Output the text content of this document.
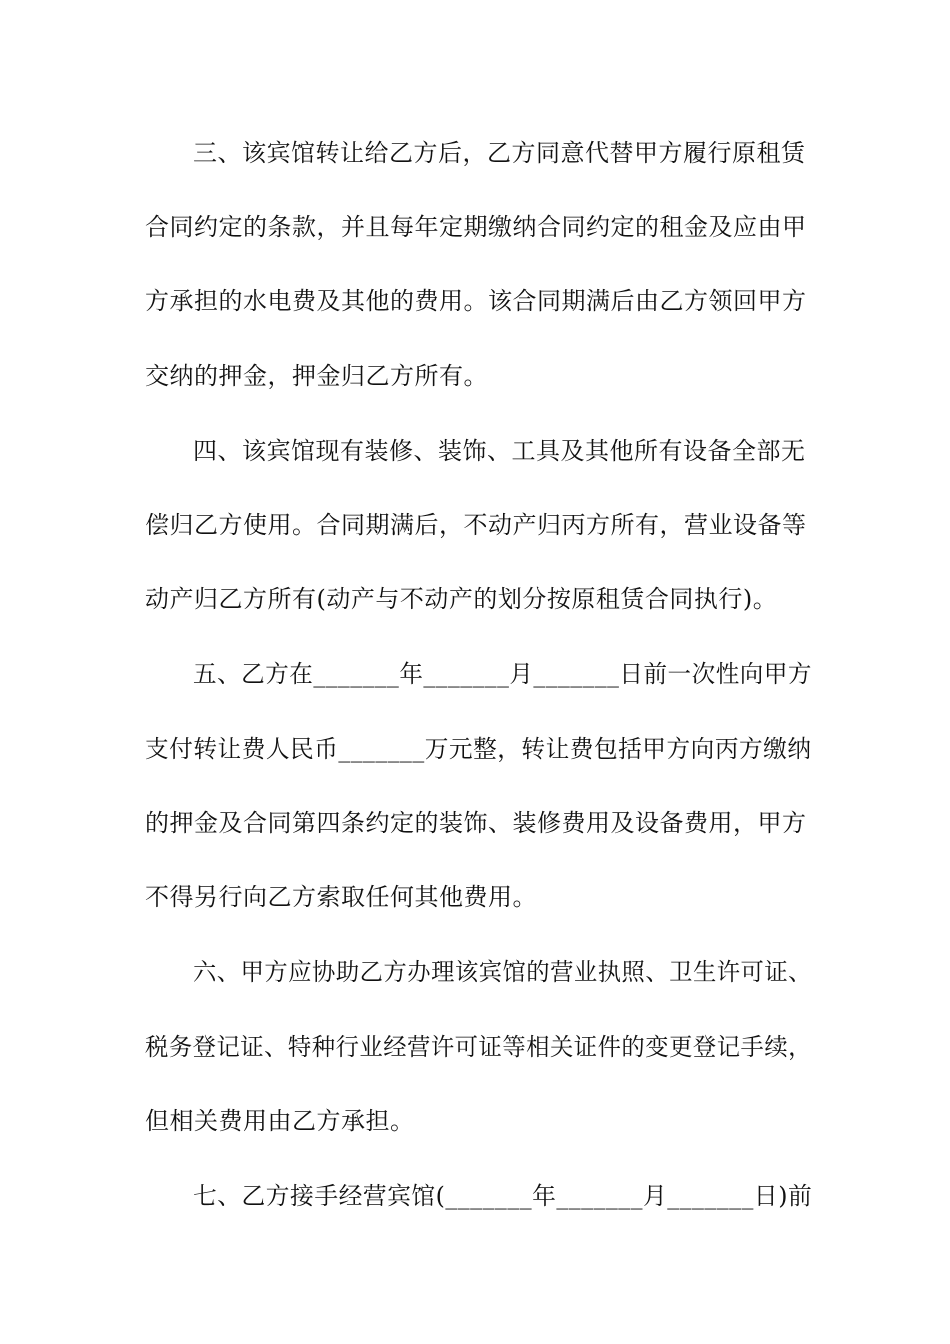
三、该宾馆转让给乙方后，乙方同意代替甲方履行原租赁
合同约定的条款，并且每年定期缴纳合同约定的租金及应由甲
方承担的水电费及其他的费用。该合同期满后由乙方领回甲方
交纳的押金，押金归乙方所有。
四、该宾馆现有装修、装饰、工具及其他所有设备全部无
偿归乙方使用。合同期满后，不动产归丙方所有，营业设备等
动产归乙方所有(动产与不动产的划分按原租赁合同执行)。
五、乙方在_______年_______月_______日前一次性向甲方
支付转让费人民币_______万元整，转让费包括甲方向丙方缴纳
的押金及合同第四条约定的装饰、装修费用及设备费用，甲方
不得另行向乙方索取任何其他费用。
六、甲方应协助乙方办理该宾馆的营业执照、卫生许可证、
税务登记证、特种行业经营许可证等相关证件的变更登记手续，
但相关费用由乙方承担。
七、乙方接手经营宾馆(_______年_______月_______日)前
